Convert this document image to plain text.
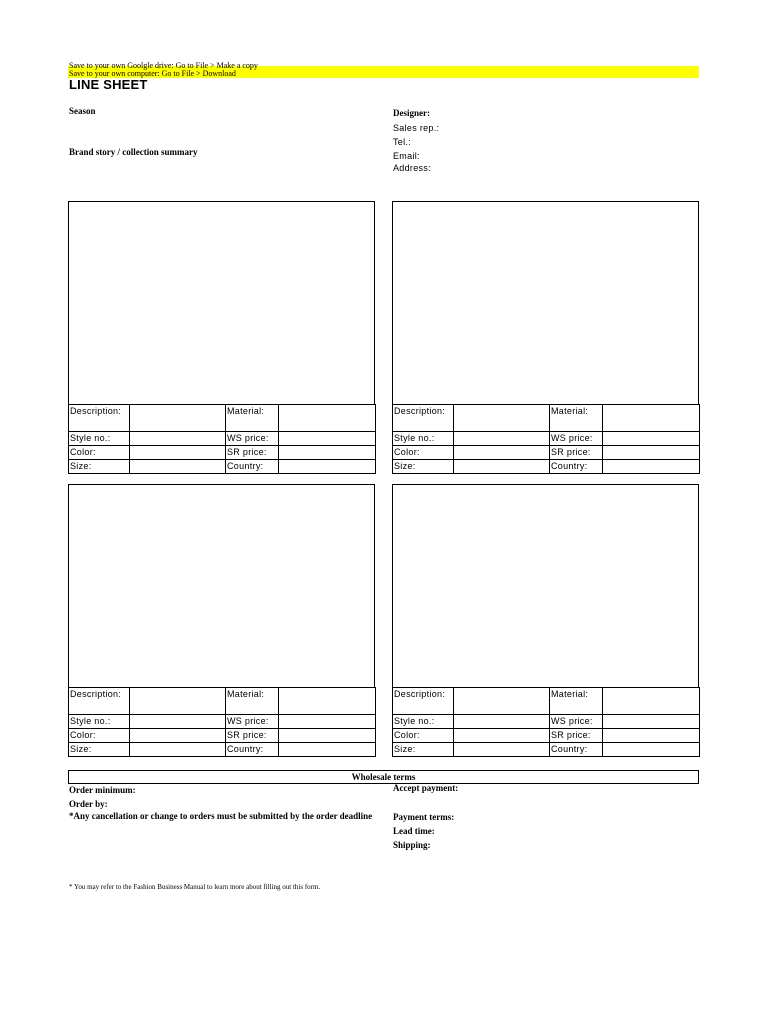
Save to your own Goolgle drive: Go to File > Make a copy
Save to your own computer: Go to File > Download
LINE SHEET
Season
Brand story / collection summary
Designer:
Sales rep.:
Tel.:
Email:
Address:
Description:		Material:	
Style no.:		WS price:	
Color:		SR price:	
Size:		Country:	
Description:		Material:	
Style no.:		WS price:	
Color:		SR price:	
Size:		Country:	
Description:		Material:	
Style no.:		WS price:	
Color:		SR price:	
Size:		Country:	
Description:		Material:	
Style no.:		WS price:	
Color:		SR price:	
Size:		Country:	
Wholesale terms
Order minimum:
Order by:
*Any cancellation or change to orders must be submitted by the order deadline
Accept payment:
Payment terms:
Lead time:
Shipping:
* You may refer to the Fashion Business Manual to learn more about filling out this form.
